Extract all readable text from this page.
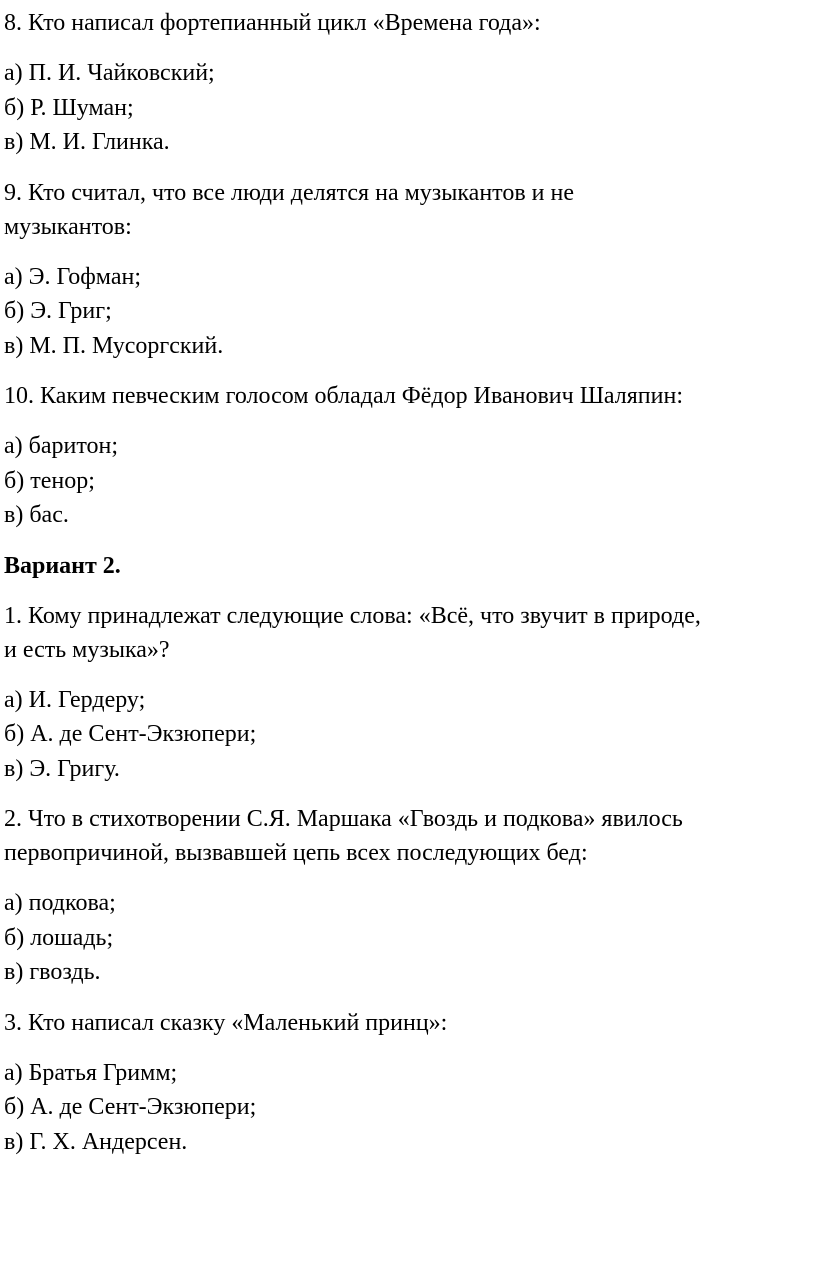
8. Кто написал фортепианный цикл «Времена года»:

а) П. И. Чайковский;

б) Р. Шуман;

в) М. И. Глинка.

9. Кто считал, что все люди делятся на музыкантов и не

музыкантов:

а) Э. Гофман;

б) Э. Григ;

в) М. П. Мусоргский.

10. Каким певческим голосом обладал Фёдор Иванович Шаляпин:

а) баритон;

б) тенор;

в) бас.

Вариант 2.

1. Кому принадлежат следующие слова: «Всё, что звучит в природе,

и есть музыка»?

а) И. Гердеру;

б) А. де Сент-Экзюпери;

в) Э. Григу.

2. Что в стихотворении С.Я. Маршака «Гвоздь и подкова» явилось

первопричиной, вызвавшей цепь всех последующих бед:

а) подкова;

б) лошадь;

в) гвоздь.

3. Кто написал сказку «Маленький принц»:

а) Братья Гримм;

б) А. де Сент-Экзюпери;

в) Г. Х. Андерсен.
